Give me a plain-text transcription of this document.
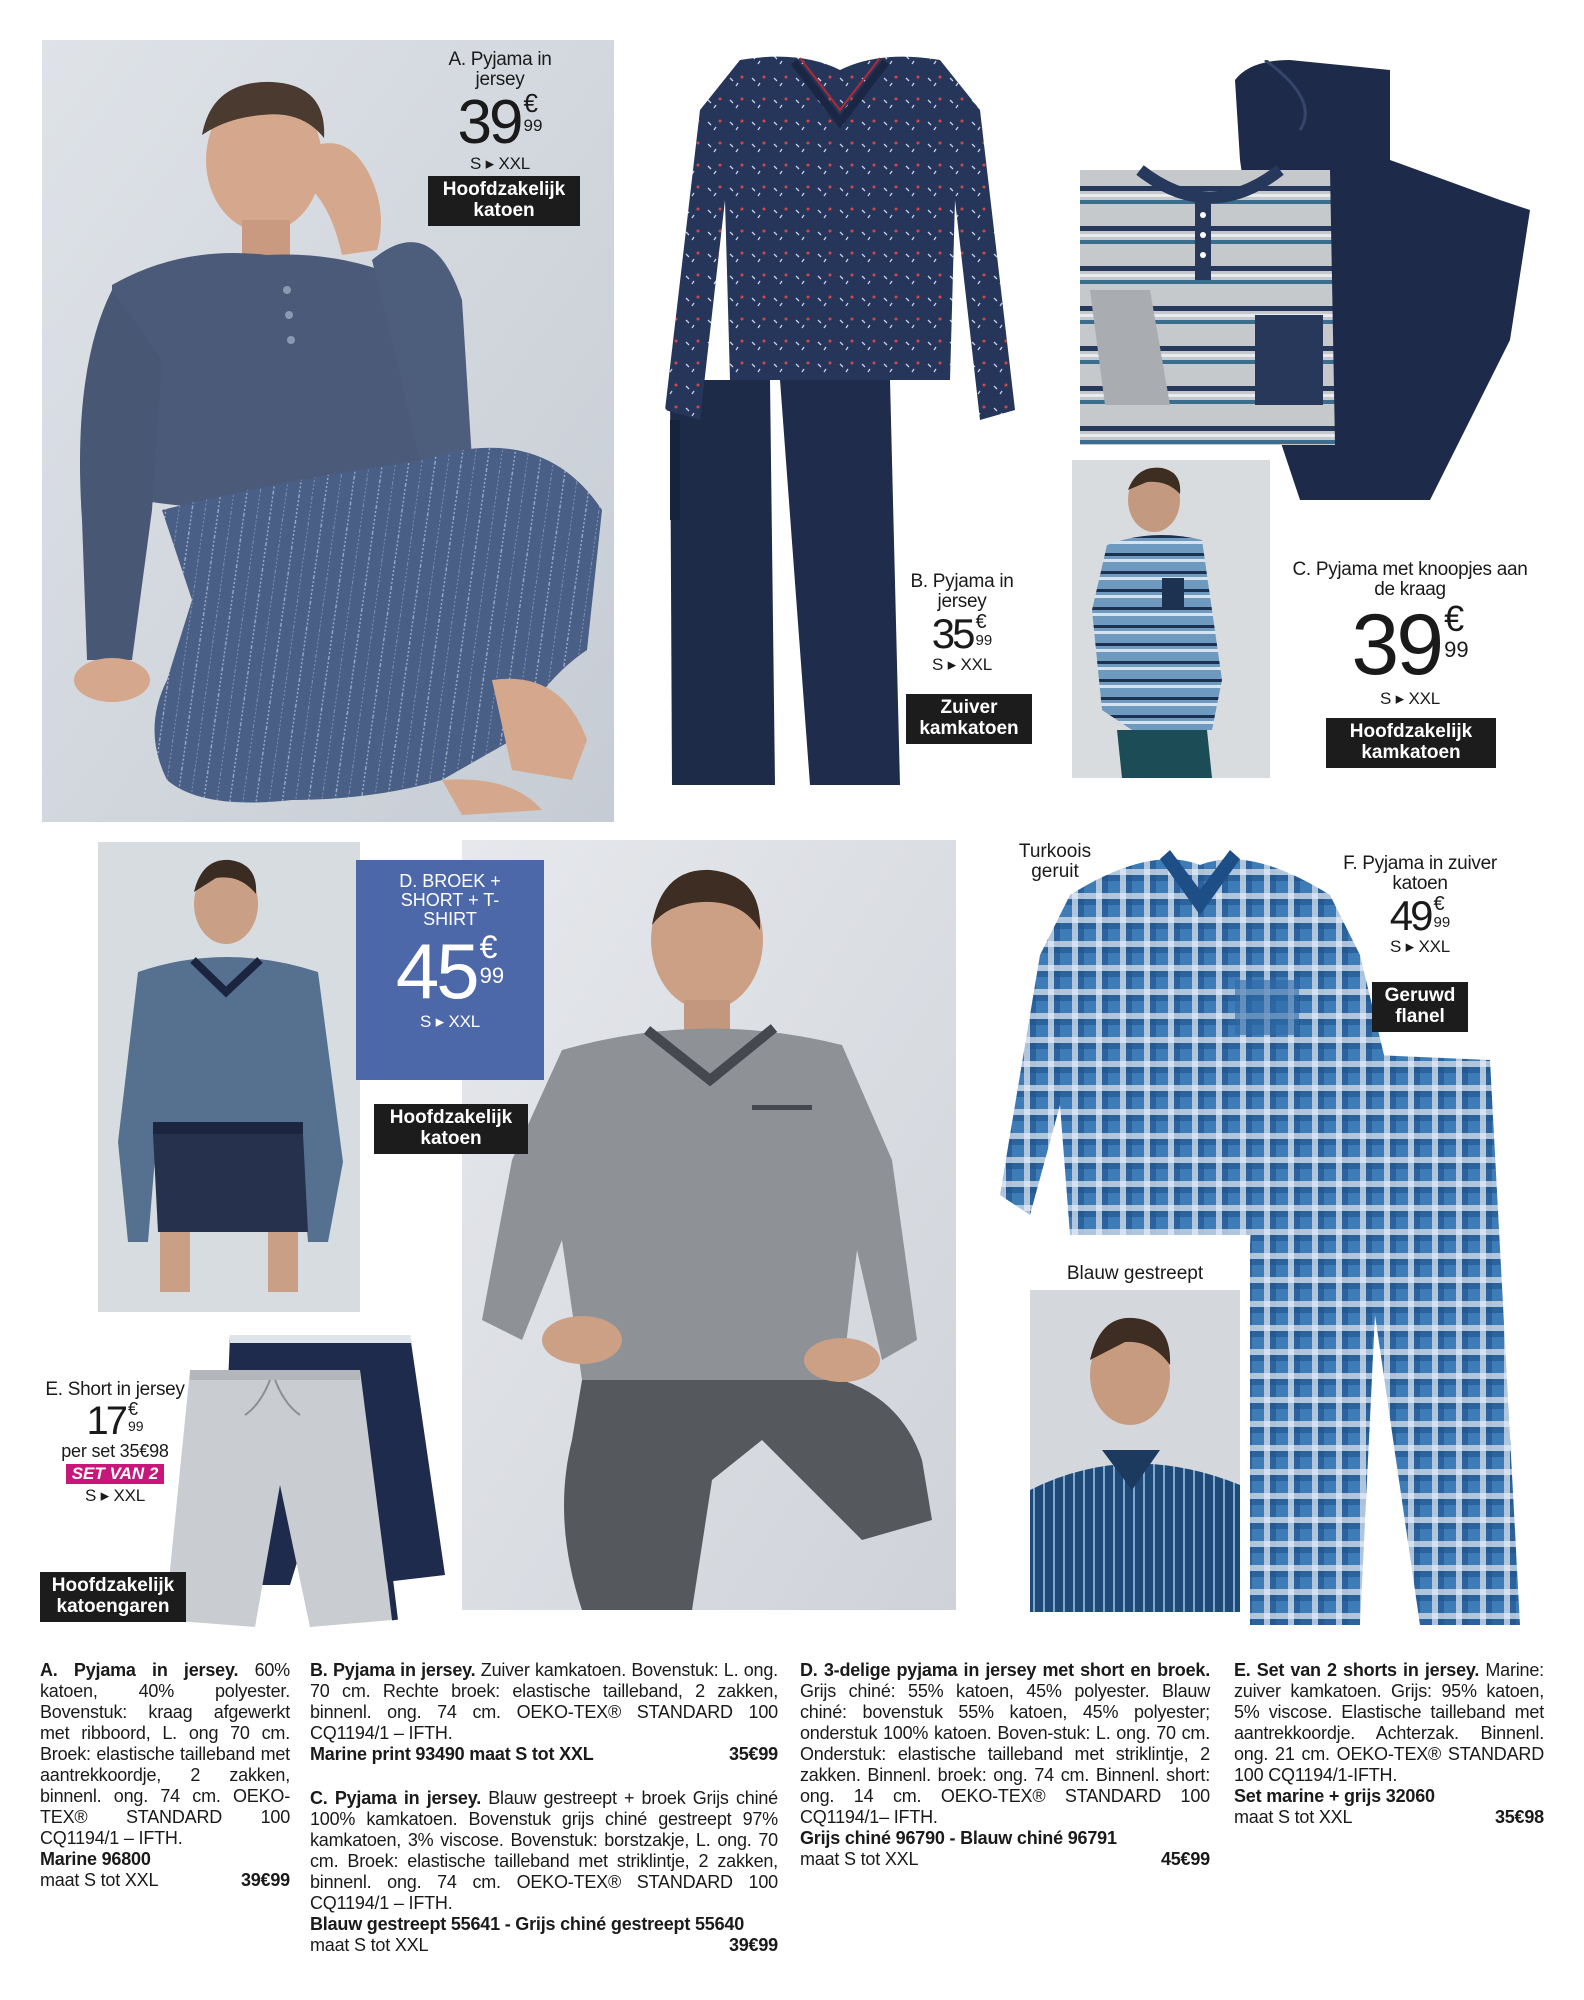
A. Pyjama in jersey
39 €
99
S ▸ XXL
Hoofdzakelijk katoen
B. Pyjama in jersey
35 €
99
S ▸ XXL
Zuiver kamkatoen
C. Pyjama met knoopjes aan de kraag
39 €
99
S ▸ XXL
Hoofdzakelijk kamkatoen
D. BROEK + SHORT + T-SHIRT
45 €
99
S ▸ XXL
Hoofdzakelijk katoen
E. Short in jersey
17 €
99
per set 35€98
SET VAN 2
S ▸ XXL
Hoofdzakelijk katoengaren
Turkoois geruit	F. Pyjama in zuiver katoen
49 €
99
S ▸ XXL
Geruwd flanel
Blauw gestreept
A. Pyjama in jersey. 60% katoen, 40% polyester. Bovenstuk: kraag afgewerkt met ribboord, L. ong 70 cm. Broek: elastische tailleband met aantrekkoordje, 2 zakken, binnenl. ong. 74 cm. OEKO-TEX® STANDARD 100 CQ1194/1 – IFTH.
Marine 96800
maat S tot XXL	39€99
B. Pyjama in jersey. Zuiver kamkatoen. Bovenstuk: L. ong. 70 cm. Rechte broek: elastische tailleband, 2 zakken, binnenl. ong. 74 cm. OEKO-TEX® STANDARD 100 CQ1194/1 – IFTH.
Marine print 93490 maat S tot XXL	35€99
C. Pyjama in jersey. Blauw gestreept + broek Grijs chiné 100% kamkatoen. Bovenstuk grijs chiné gestreept 97% kamkatoen, 3% viscose. Bovenstuk: borstzakje, L. ong. 70 cm. Broek: elastische tailleband met striklintje, 2 zakken, binnenl. ong. 74 cm. OEKO-TEX® STANDARD 100 CQ1194/1 – IFTH.
Blauw gestreept 55641 - Grijs chiné gestreept 55640
maat S tot XXL	39€99
D. 3-delige pyjama in jersey met short en broek. Grijs chiné: 55% katoen, 45% polyester. Blauw chiné: bovenstuk 55% katoen, 45% polyester; onderstuk 100% katoen. Boven-stuk: L. ong. 70 cm. Onderstuk: elastische tailleband met striklintje, 2 zakken. Binnenl. broek: ong. 74 cm. Binnenl. short: ong. 14 cm. OEKO-TEX® STANDARD 100 CQ1194/1– IFTH.
Grijs chiné 96790 - Blauw chiné 96791
maat S tot XXL	45€99
E. Set van 2 shorts in jersey. Marine: zuiver kamkatoen. Grijs: 95% katoen, 5% viscose. Elastische tailleband met aantrekkoordje. Achterzak. Binnenl. ong. 21 cm. OEKO-TEX® STANDARD 100 CQ1194/1-IFTH.
Set marine + grijs 32060
maat S tot XXL	35€98
